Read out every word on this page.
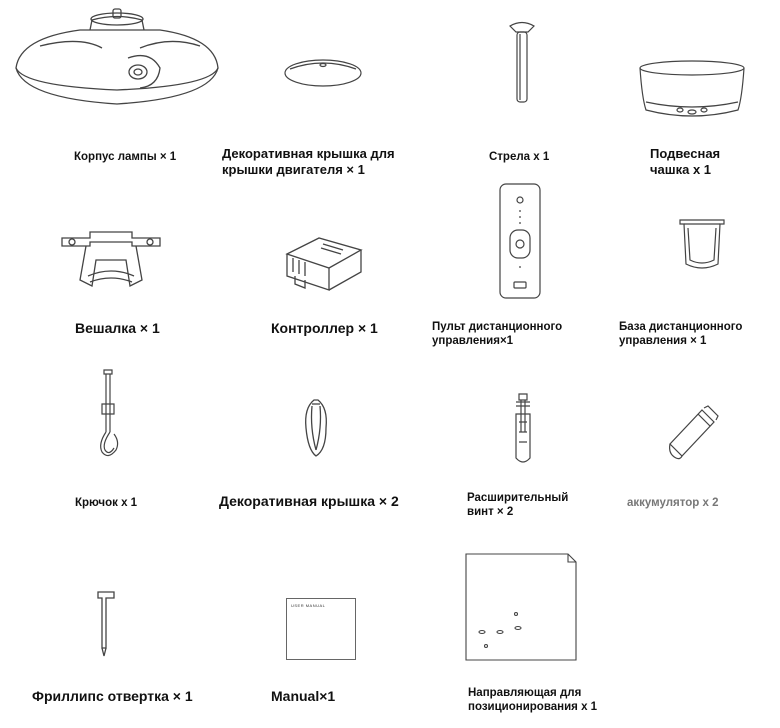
Корпус лампы × 1	Декоративная крышка для
крышки двигателя × 1
Стрела x 1	Подвесная
чашка x 1
Вешалка × 1	Контроллер × 1	Пульт дистанционного
управления×1
База дистанционного
управления × 1
Крючок x 1	Декоративная крышка × 2	Расширительный
винт × 2
аккумулятор x 2
Фриллипс отвертка × 1
USER MANUAL
Manual×1	Направляющая для
позиционирования x 1
